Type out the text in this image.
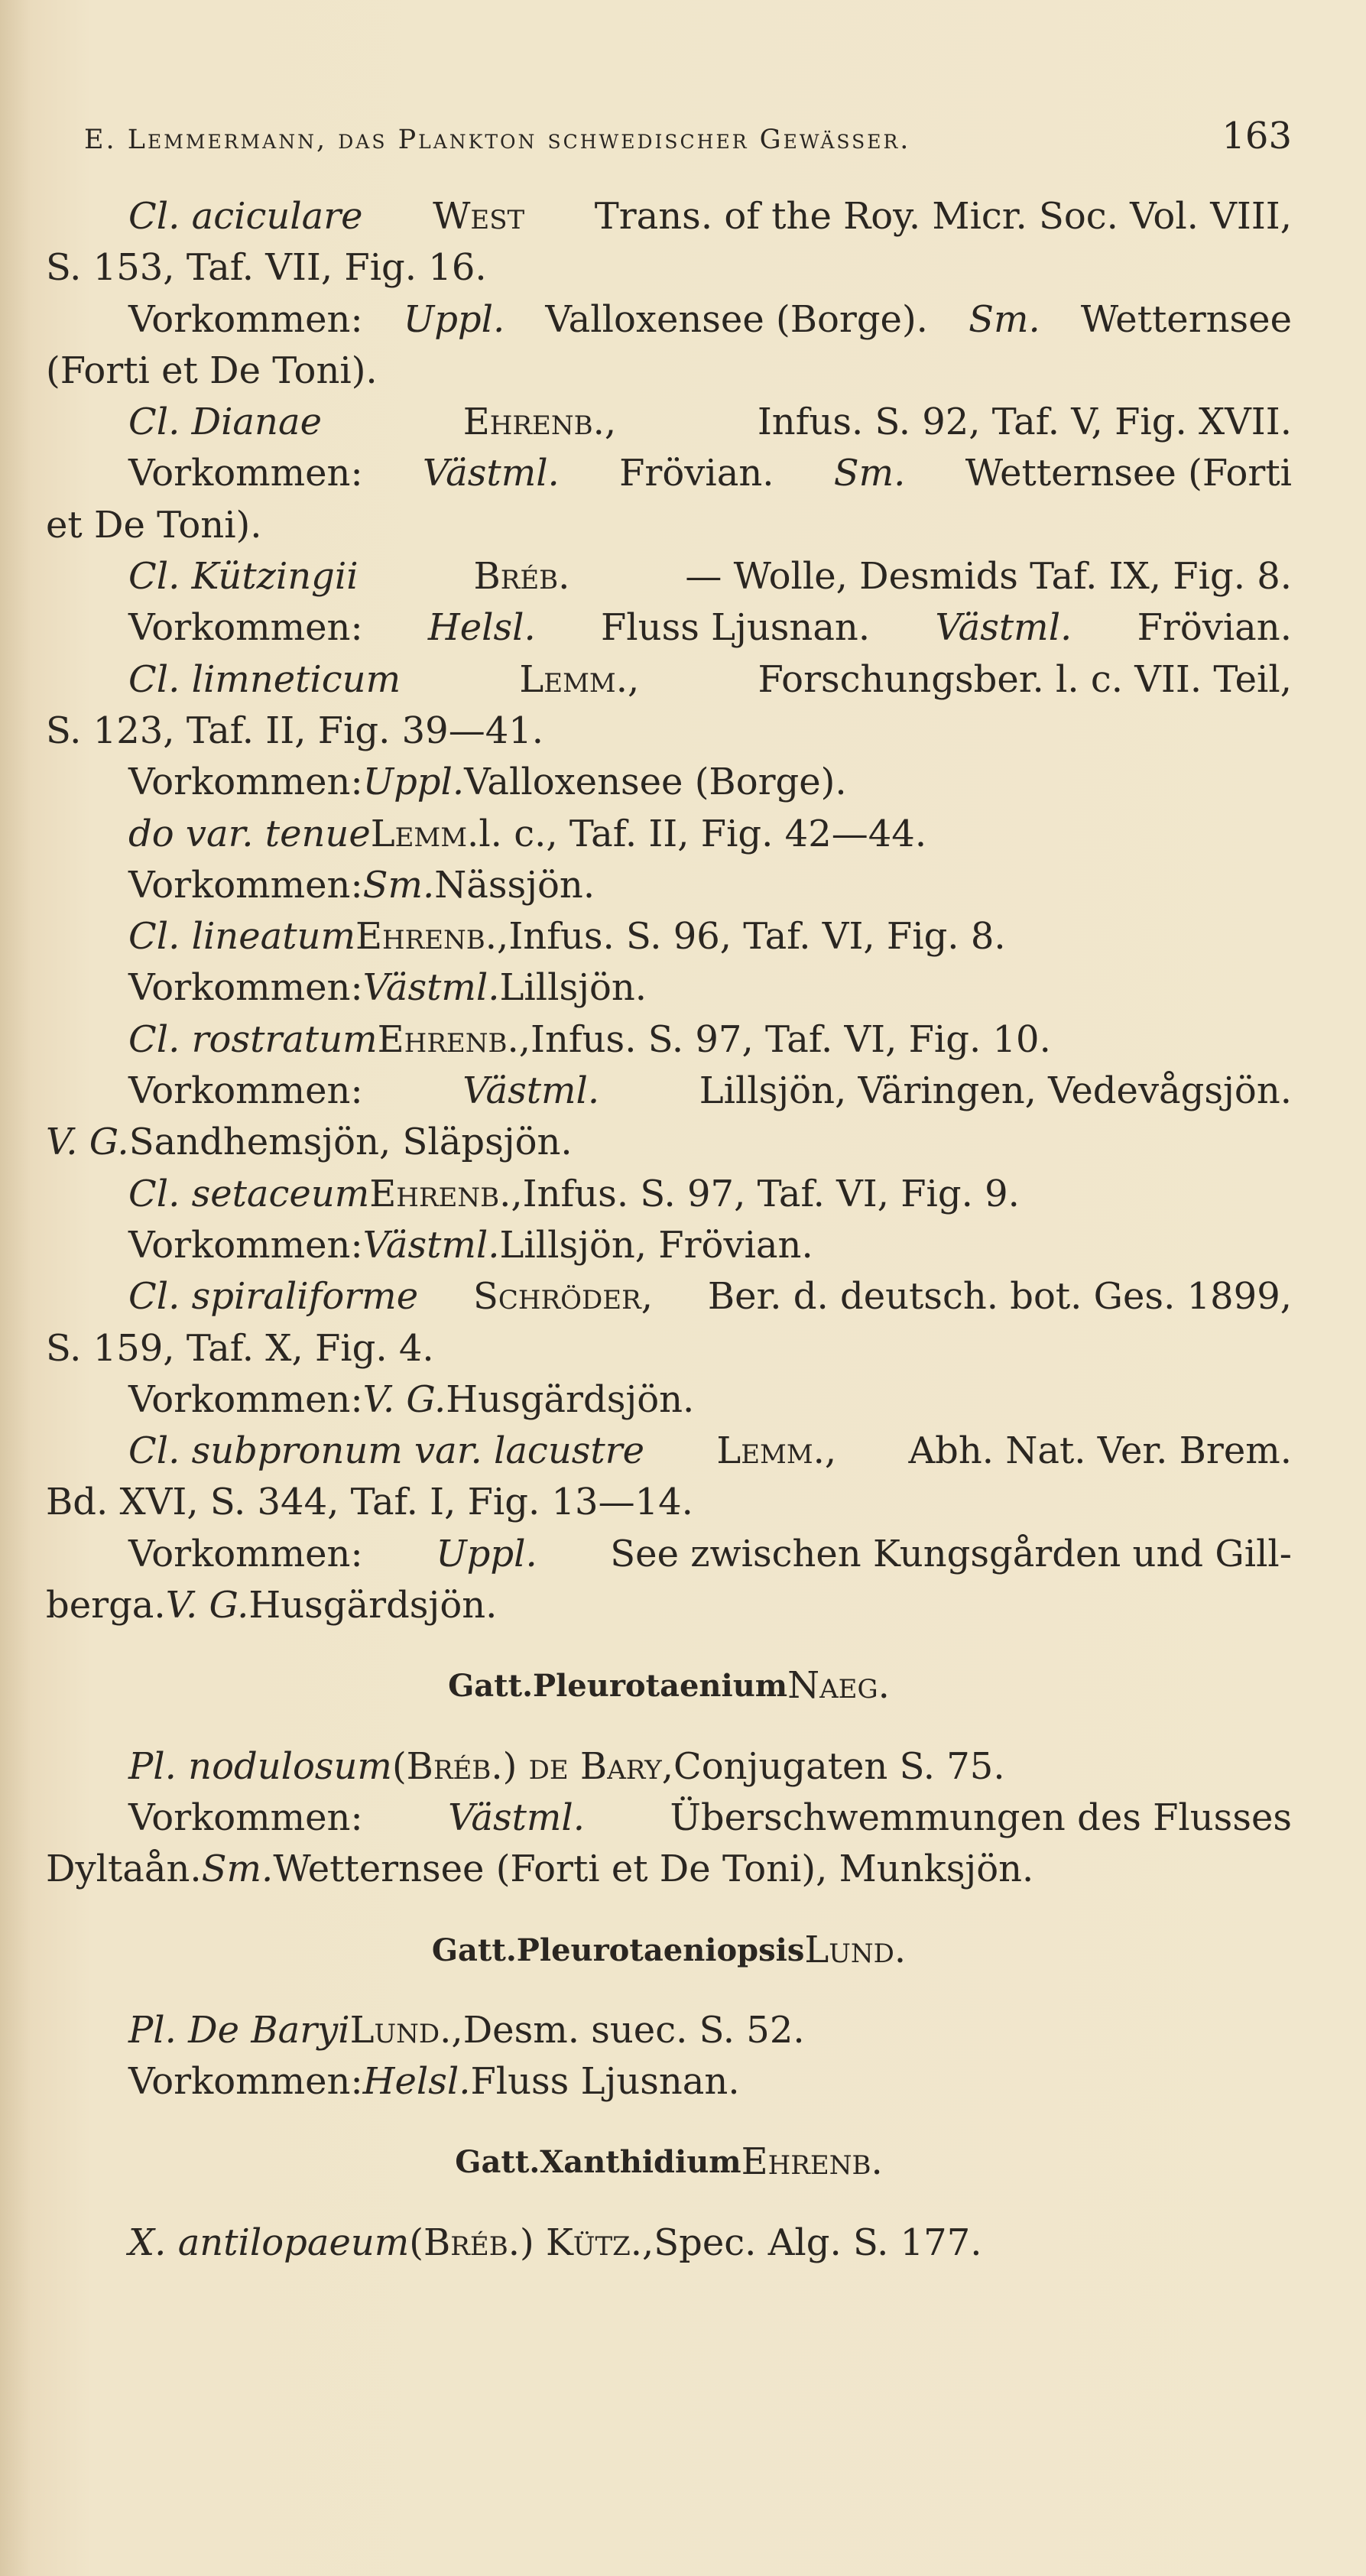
E. Lemmermann, das Plankton schwedischer Gewässer.	163
Cl. aciculare West Trans. of the Roy. Micr. Soc. Vol. VIII,
S. 153, Taf. VII, Fig. 16.
Vorkommen: Uppl. Valloxensee (Borge). Sm. Wetternsee
(Forti et De Toni).
Cl. Dianae	Ehrenb.,	Infus. S. 92, Taf. V, Fig. XVII.
Vorkommen: Västml. Frövian. Sm. Wetternsee (Forti
et De Toni).
Cl. Kützingii	Bréb.	— Wolle, Desmids Taf. IX, Fig. 8.
Vorkommen: Helsl. Fluss Ljusnan. Västml. Frövian.
Cl. limneticum	Lemm.,	Forschungsber. l. c. VII. Teil,
S. 123, Taf. II, Fig. 39—41.
Vorkommen: Uppl. Valloxensee (Borge).
do var. tenue Lemm. l. c., Taf. II, Fig. 42—44.
Vorkommen: Sm. Nässjön.
Cl. lineatum Ehrenb., Infus. S. 96, Taf. VI, Fig. 8.
Vorkommen: Västml. Lillsjön.
Cl. rostratum Ehrenb., Infus. S. 97, Taf. VI, Fig. 10.
Vorkommen:	Västml.	Lillsjön, Väringen, Vedevågsjön.
V. G. Sandhemsjön, Släpsjön.
Cl. setaceum Ehrenb., Infus. S. 97, Taf. VI, Fig. 9.
Vorkommen: Västml. Lillsjön, Frövian.
Cl. spiraliforme Schröder, Ber. d. deutsch. bot. Ges. 1899,
S. 159, Taf. X, Fig. 4.
Vorkommen: V. G. Husgärdsjön.
Cl. subpronum var. lacustre Lemm., Abh. Nat. Ver. Brem.
Bd. XVI, S. 344, Taf. I, Fig. 13—14.
Vorkommen: Uppl. See zwischen Kungsgården und Gill-
berga. V. G. Husgärdsjön.
Gatt. Pleurotaenium Naeg.
Pl. nodulosum (Bréb.) de Bary, Conjugaten S. 75.
Vorkommen: Västml. Überschwemmungen des Flusses
Dyltaån. Sm. Wetternsee (Forti et De Toni), Munksjön.
Gatt. Pleurotaeniopsis Lund.
Pl. De Baryi Lund., Desm. suec. S. 52.
Vorkommen: Helsl. Fluss Ljusnan.
Gatt. Xanthidium Ehrenb.
X. antilopaeum (Bréb.) Kütz., Spec. Alg. S. 177.
